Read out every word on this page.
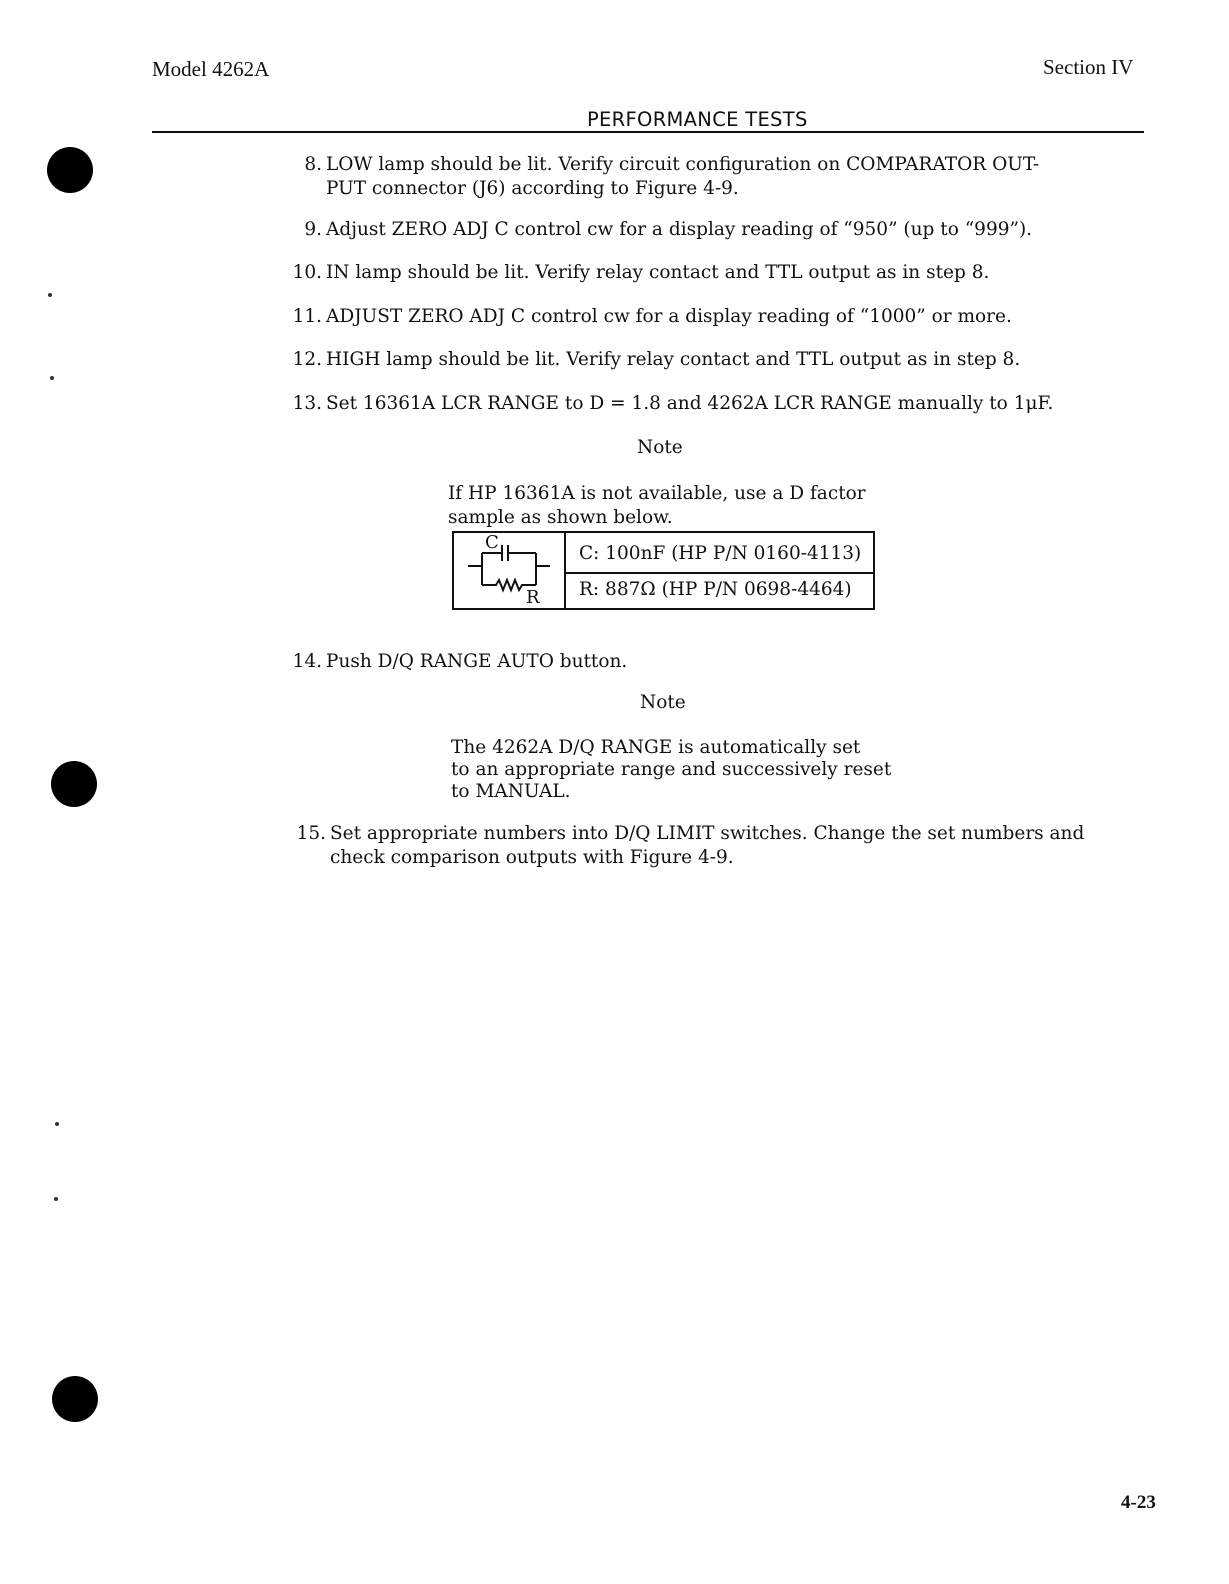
Model 4262A	Section IV
PERFORMANCE TESTS
8. LOW lamp should be lit. Verify circuit configuration on COMPARATOR OUT-
PUT connector (J6) according to Figure 4-9.
9. Adjust ZERO ADJ C control cw for a display reading of “950” (up to “999”).
10. IN lamp should be lit. Verify relay contact and TTL output as in step 8.
11. ADJUST ZERO ADJ C control cw for a display reading of “1000” or more.
12. HIGH lamp should be lit. Verify relay contact and TTL output as in step 8.
13. Set 16361A LCR RANGE to D = 1.8 and 4262A LCR RANGE manually to 1μF.
Note
If HP 16361A is not available, use a D factor
sample as shown below.
C
R
C: 100nF (HP P/N 0160-4113)
R: 887Ω (HP P/N 0698-4464)
14. Push D/Q RANGE AUTO button.
Note
The 4262A D/Q RANGE is automatically set
to an appropriate range and successively reset
to MANUAL.
15. Set appropriate numbers into D/Q LIMIT switches. Change the set numbers and
check comparison outputs with Figure 4-9.
4-23
